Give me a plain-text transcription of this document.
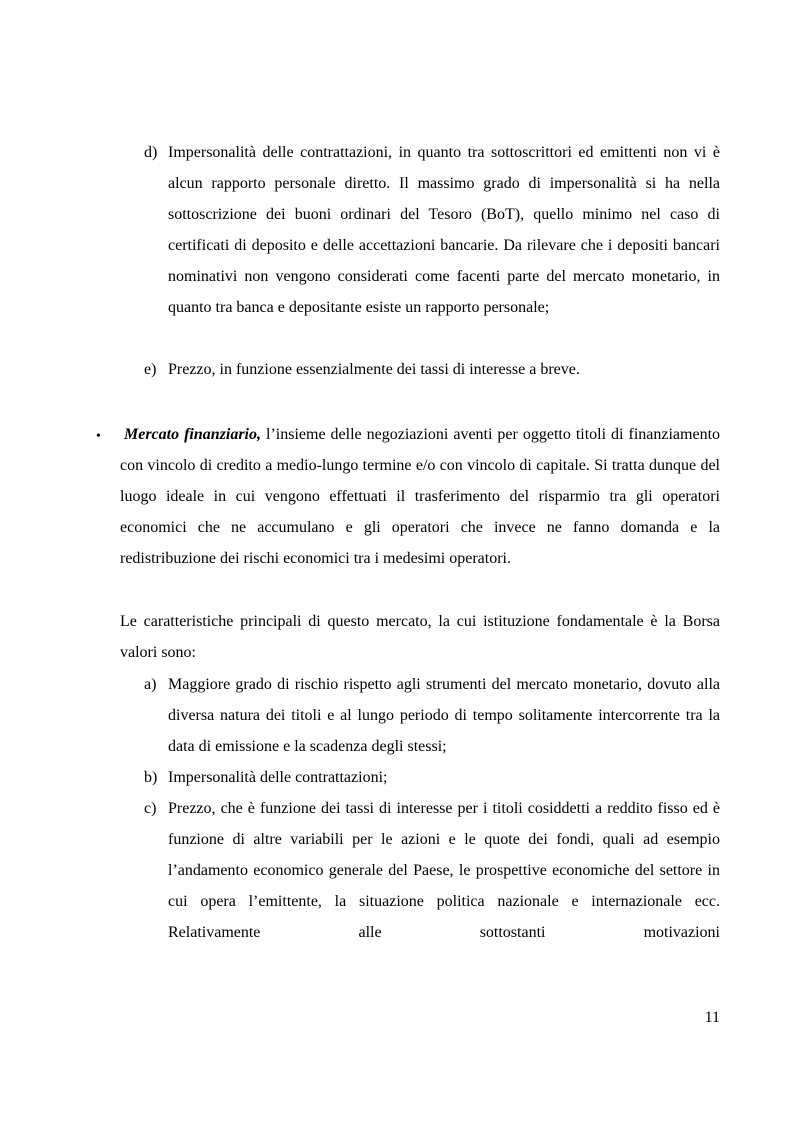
d) Impersonalità delle contrattazioni, in quanto tra sottoscrittori ed emittenti non vi è alcun rapporto personale diretto. Il massimo grado di impersonalità si ha nella sottoscrizione dei buoni ordinari del Tesoro (BoT), quello minimo nel caso di certificati di deposito e delle accettazioni bancarie. Da rilevare che i depositi bancari nominativi non vengono considerati come facenti parte del mercato monetario, in quanto tra banca e depositante esiste un rapporto personale;
e) Prezzo, in funzione essenzialmente dei tassi di interesse a breve.
• Mercato finanziario, l’insieme delle negoziazioni aventi per oggetto titoli di finanziamento con vincolo di credito a medio-lungo termine e/o con vincolo di capitale. Si tratta dunque del luogo ideale in cui vengono effettuati il trasferimento del risparmio tra gli operatori economici che ne accumulano e gli operatori che invece ne fanno domanda e la redistribuzione dei rischi economici tra i medesimi operatori.
Le caratteristiche principali di questo mercato, la cui istituzione fondamentale è la Borsa valori sono:
a) Maggiore grado di rischio rispetto agli strumenti del mercato monetario, dovuto alla diversa natura dei titoli e al lungo periodo di tempo solitamente intercorrente tra la data di emissione e la scadenza degli stessi;
b) Impersonalità delle contrattazioni;
c) Prezzo, che è funzione dei tassi di interesse per i titoli cosiddetti a reddito fisso ed è funzione di altre variabili per le azioni e le quote dei fondi, quali ad esempio l’andamento economico generale del Paese, le prospettive economiche del settore in cui opera l’emittente, la situazione politica nazionale e internazionale ecc. Relativamente alle sottostanti motivazioni
11
